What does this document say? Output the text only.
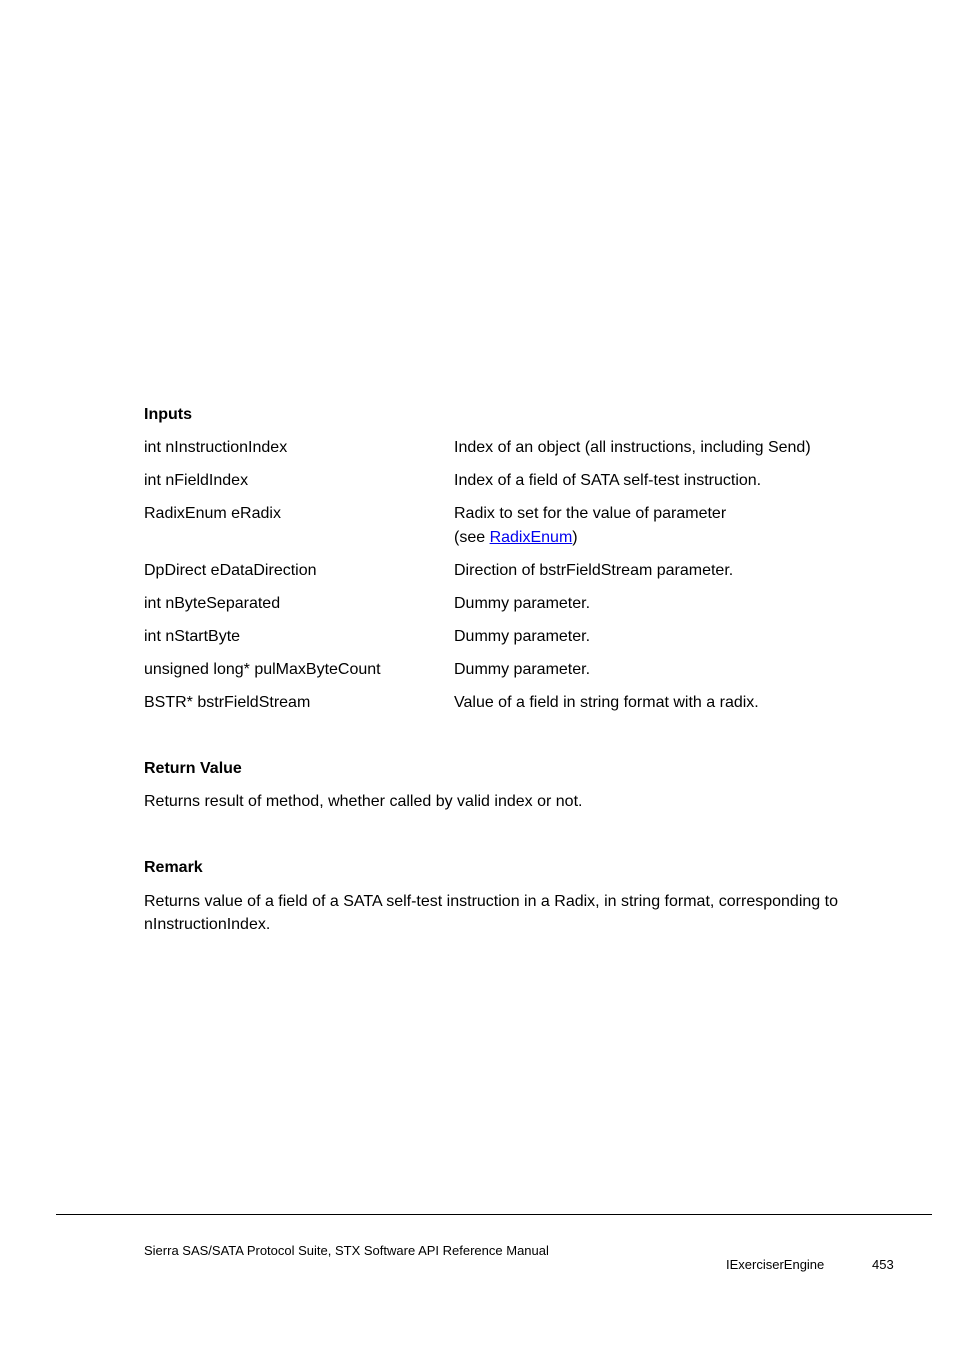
Inputs
int nInstructionIndex	Index of an object (all instructions, including Send)
int nFieldIndex	Index of a field of SATA self-test instruction.
RadixEnum eRadix	Radix to set for the value of parameter
(see RadixEnum)
DpDirect eDataDirection	Direction of bstrFieldStream parameter.
int nByteSeparated	Dummy parameter.
int nStartByte	Dummy parameter.
unsigned long* pulMaxByteCount	Dummy parameter.
BSTR* bstrFieldStream	Value of a field in string format with a radix.
Return Value
Returns result of method, whether called by valid index or not.
Remark
Returns value of a field of a SATA self-test instruction in a Radix, in string format, corresponding to nInstructionIndex.
Sierra SAS/SATA Protocol Suite, STX Software API Reference Manual
IExerciserEngine	453
